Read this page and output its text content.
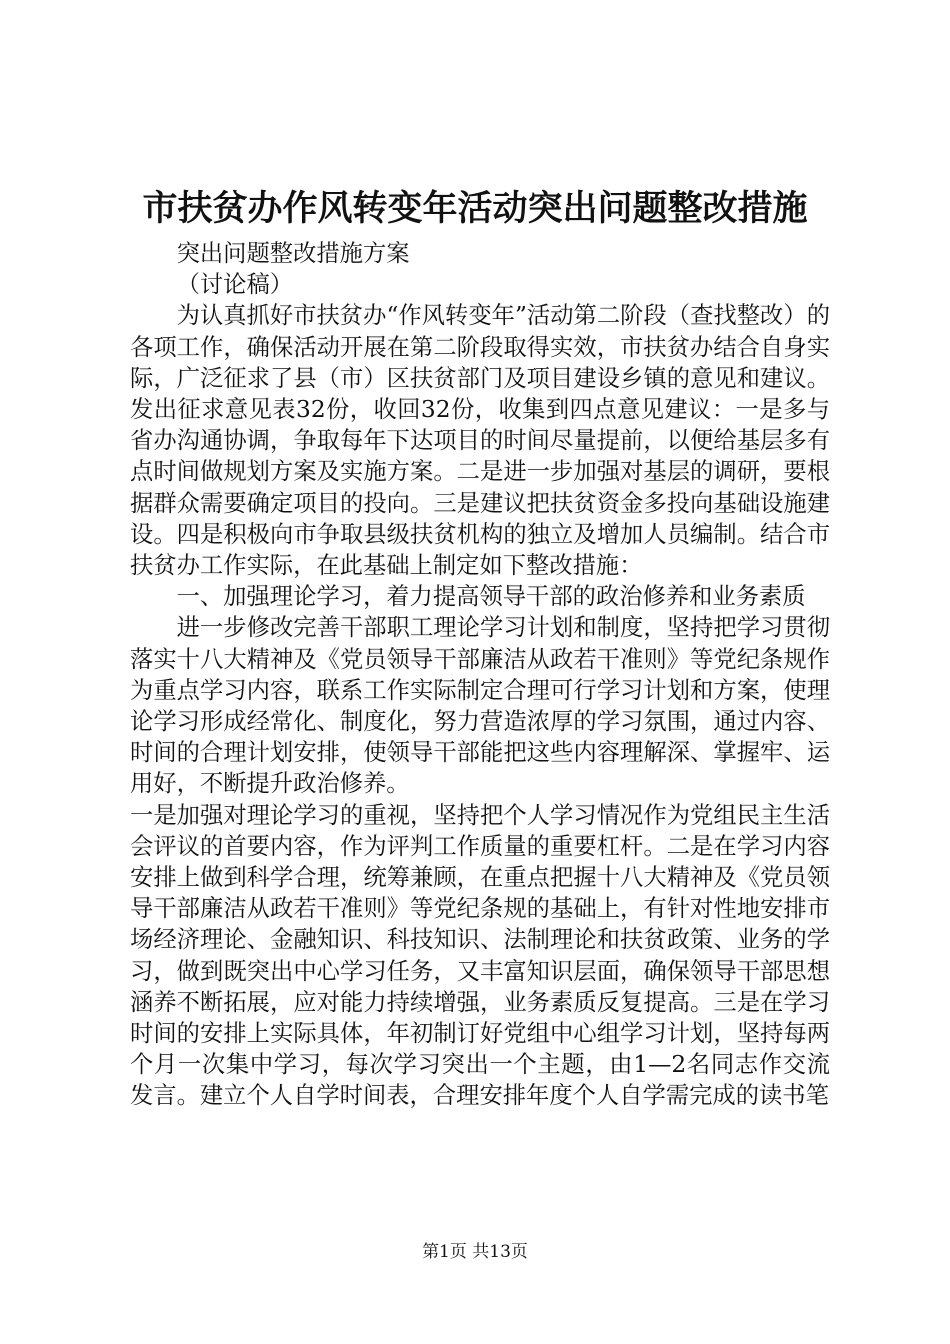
市扶贫办作风转变年活动突出问题整改措施

突出问题整改措施方案

（讨论稿）

为认真抓好市扶贫办“作风转变年”活动第二阶段（查找整改）的各项工作，确保活动开展在第二阶段取得实效，市扶贫办结合自身实际，广泛征求了县（市）区扶贫部门及项目建设乡镇的意见和建议。发出征求意见表32份，收回32份，收集到四点意见建议：一是多与省办沟通协调，争取每年下达项目的时间尽量提前，以便给基层多有点时间做规划方案及实施方案。二是进一步加强对基层的调研，要根据群众需要确定项目的投向。三是建议把扶贫资金多投向基础设施建设。四是积极向市争取县级扶贫机构的独立及增加人员编制。结合市扶贫办工作实际，在此基础上制定如下整改措施：

一、加强理论学习，着力提高领导干部的政治修养和业务素质

进一步修改完善干部职工理论学习计划和制度，坚持把学习贯彻落实十八大精神及《党员领导干部廉洁从政若干准则》等党纪条规作为重点学习内容，联系工作实际制定合理可行学习计划和方案，使理论学习形成经常化、制度化，努力营造浓厚的学习氛围，通过内容、时间的合理计划安排，使领导干部能把这些内容理解深、掌握牢、运用好，不断提升政治修养。

一是加强对理论学习的重视，坚持把个人学习情况作为党组民主生活会评议的首要内容，作为评判工作质量的重要杠杆。二是在学习内容安排上做到科学合理，统筹兼顾，在重点把握十八大精神及《党员领导干部廉洁从政若干准则》等党纪条规的基础上，有针对性地安排市场经济理论、金融知识、科技知识、法制理论和扶贫政策、业务的学习，做到既突出中心学习任务，又丰富知识层面，确保领导干部思想涵养不断拓展，应对能力持续增强，业务素质反复提高。三是在学习时间的安排上实际具体，年初制订好党组中心组学习计划，坚持每两个月一次集中学习，每次学习突出一个主题，由1—2名同志作交流发言。建立个人自学时间表，合理安排年度个人自学需完成的读书笔

第1页 共13页
